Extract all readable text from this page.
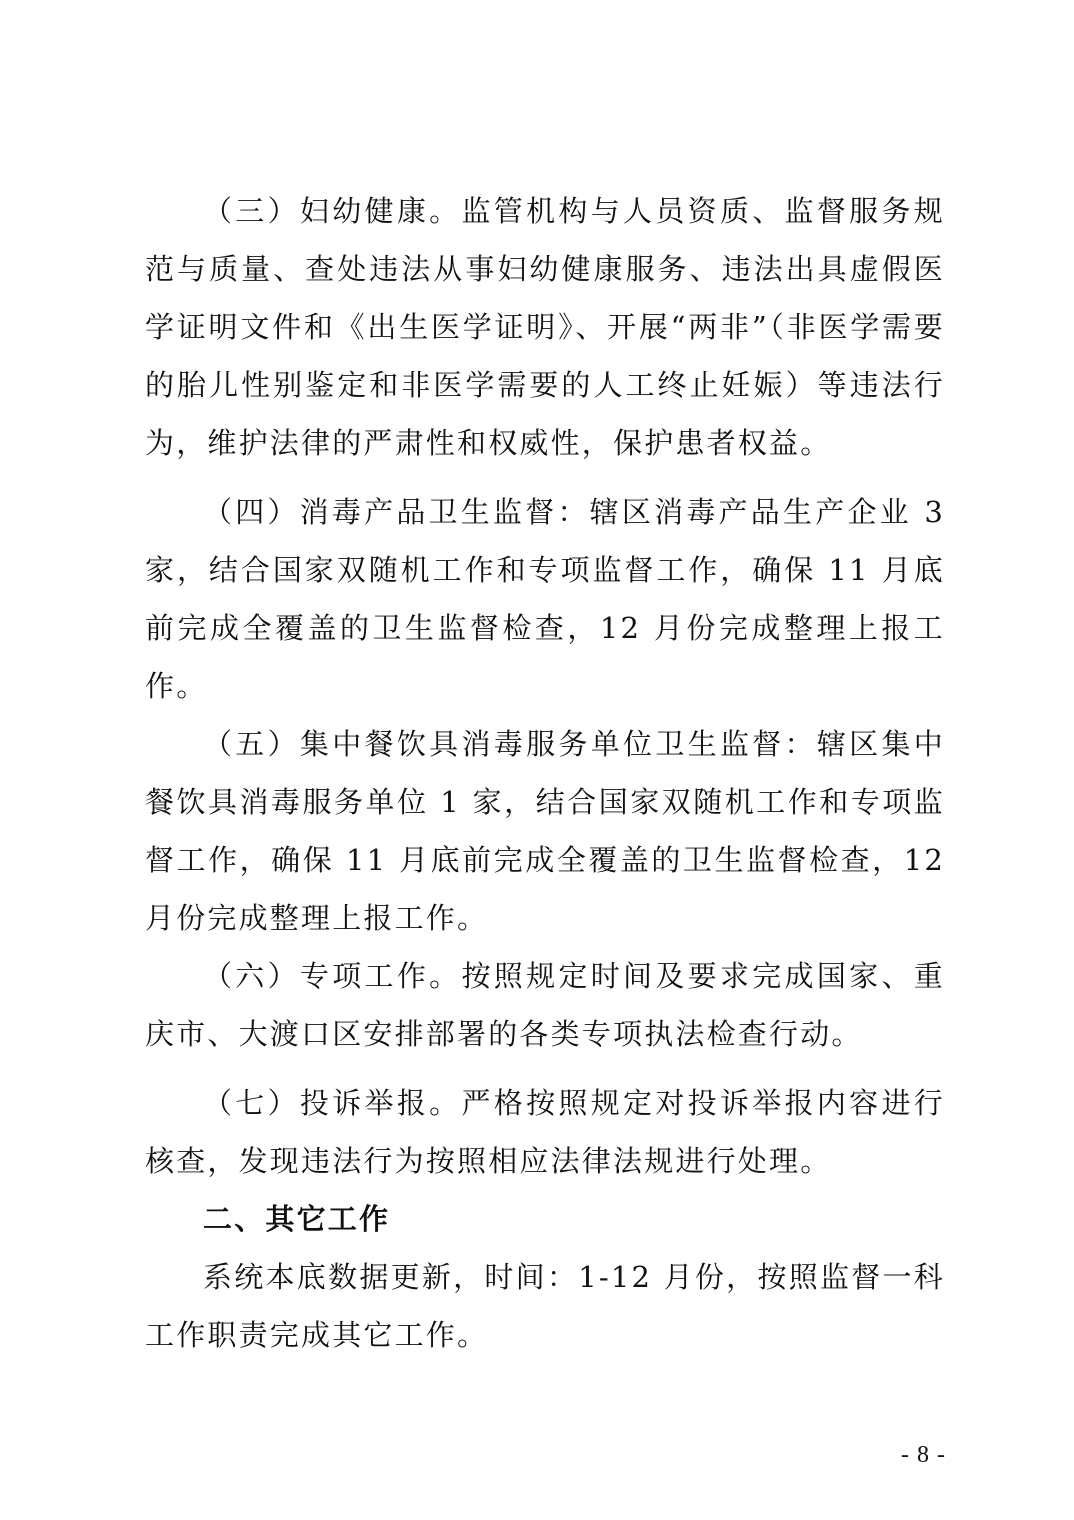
（三）妇幼健康。监管机构与人员资质、监督服务规范与质量、查处违法从事妇幼健康服务、违法出具虚假医学证明文件和《出生医学证明》、开展“两非”（非医学需要的胎儿性别鉴定和非医学需要的人工终止妊娠）等违法行为，维护法律的严肃性和权威性，保护患者权益。

（四）消毒产品卫生监督：辖区消毒产品生产企业 3 家，结合国家双随机工作和专项监督工作，确保 11 月底前完成全覆盖的卫生监督检查，12 月份完成整理上报工作。

（五）集中餐饮具消毒服务单位卫生监督：辖区集中餐饮具消毒服务单位 1 家，结合国家双随机工作和专项监督工作，确保 11 月底前完成全覆盖的卫生监督检查，12 月份完成整理上报工作。

（六）专项工作。按照规定时间及要求完成国家、重庆市、大渡口区安排部署的各类专项执法检查行动。

（七）投诉举报。严格按照规定对投诉举报内容进行核查，发现违法行为按照相应法律法规进行处理。

二、其它工作

系统本底数据更新，时间：1-12 月份，按照监督一科工作职责完成其它工作。

- 8 -
